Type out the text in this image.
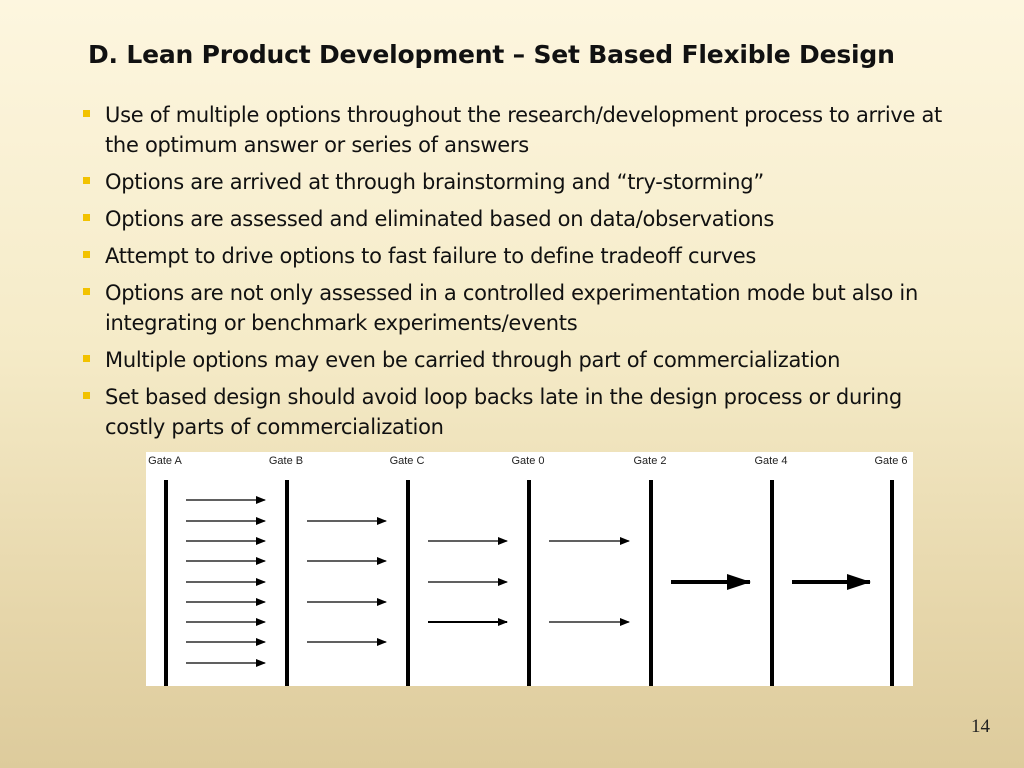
D. Lean Product Development – Set Based Flexible Design
Use of multiple options throughout the research/development process to arrive at the optimum answer or series of answers
Options are arrived at through brainstorming and “try-storming”
Options are assessed and eliminated based on data/observations
Attempt to drive options to fast failure to define tradeoff curves
Options are not only assessed in a controlled experimentation mode but also in integrating or benchmark experiments/events
Multiple options may even be carried through part of commercialization
Set based design should avoid loop backs late in the design process or during costly parts of commercialization
Gate A	Gate B	Gate C	Gate 0	Gate 2	Gate 4	Gate 6
14
